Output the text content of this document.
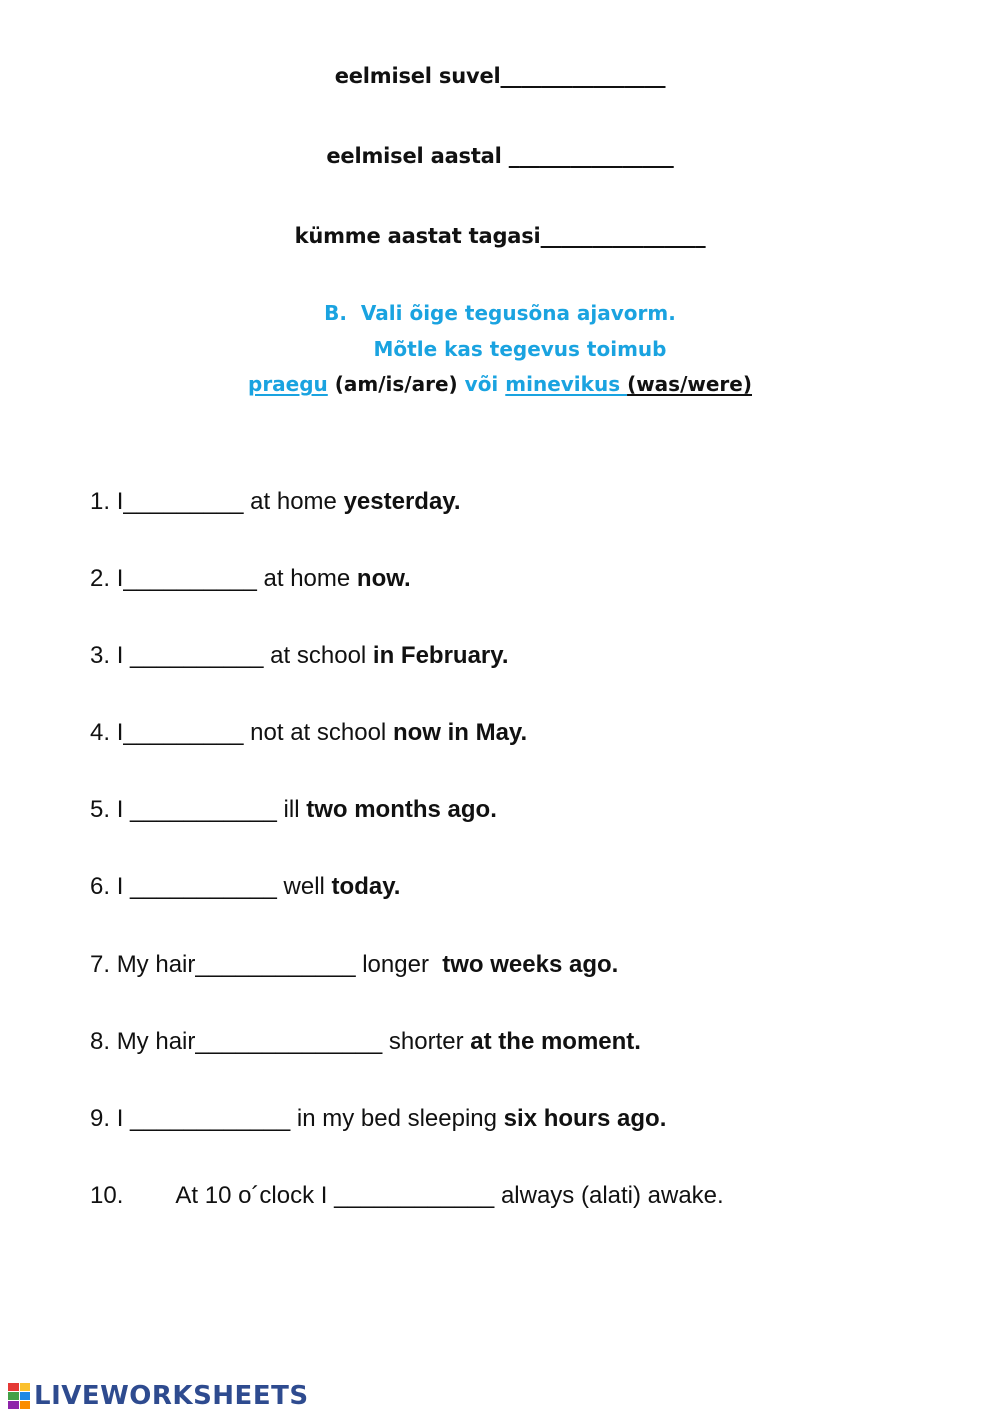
eelmisel suvel________________
eelmisel aastal ________________
kümme aastat tagasi________________
B. Vali õige tegusõna ajavorm.
Mõtle kas tegevus toimub
praegu (am/is/are) või minevikus (was/were)
1. I_________ at home yesterday.
2. I__________ at home now.
3. I __________ at school in February.
4. I_________ not at school now in May.
5. I ___________ ill two months ago.
6. I ___________ well today.
7. My hair____________ longer  two weeks ago.
8. My hair______________ shorter at the moment.
9. I ____________ in my bed sleeping six hours ago.
10. At 10 o´clock I ____________ always (alati) awake.
LIVEWORKSHEETS
